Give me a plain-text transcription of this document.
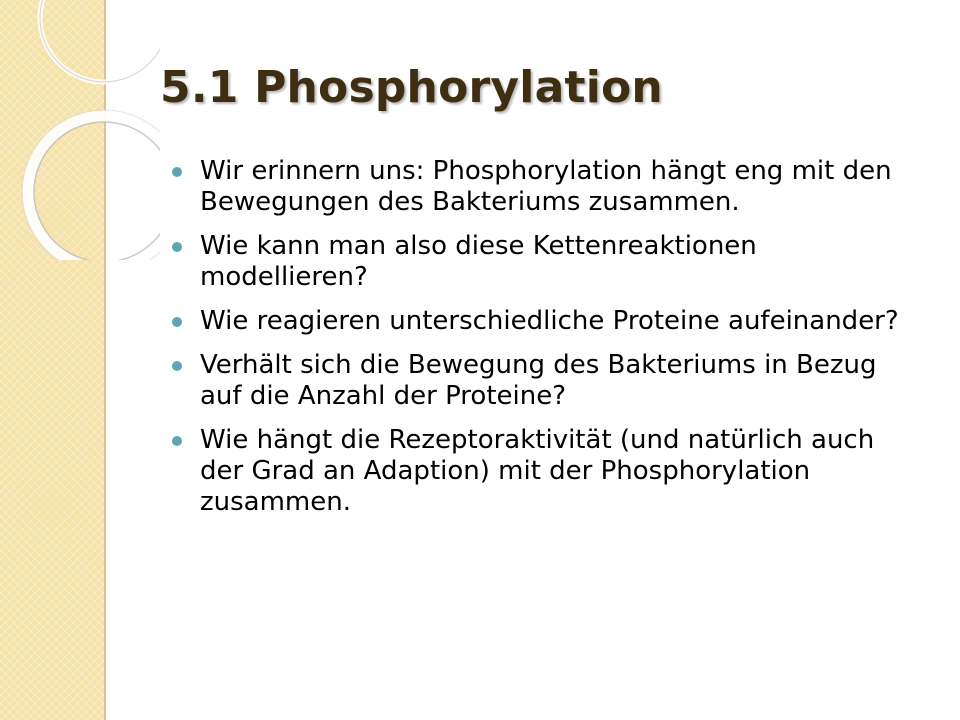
5.1 Phosphorylation
Wir erinnern uns: Phosphorylation hängt eng mit den Bewegungen des Bakteriums zusammen.
Wie kann man also diese Kettenreaktionen modellieren?
Wie reagieren unterschiedliche Proteine aufeinander?
Verhält sich die Bewegung des Bakteriums in Bezug auf die Anzahl der Proteine?
Wie hängt die Rezeptoraktivität (und natürlich auch der Grad an Adaption) mit der Phosphorylation zusammen.
